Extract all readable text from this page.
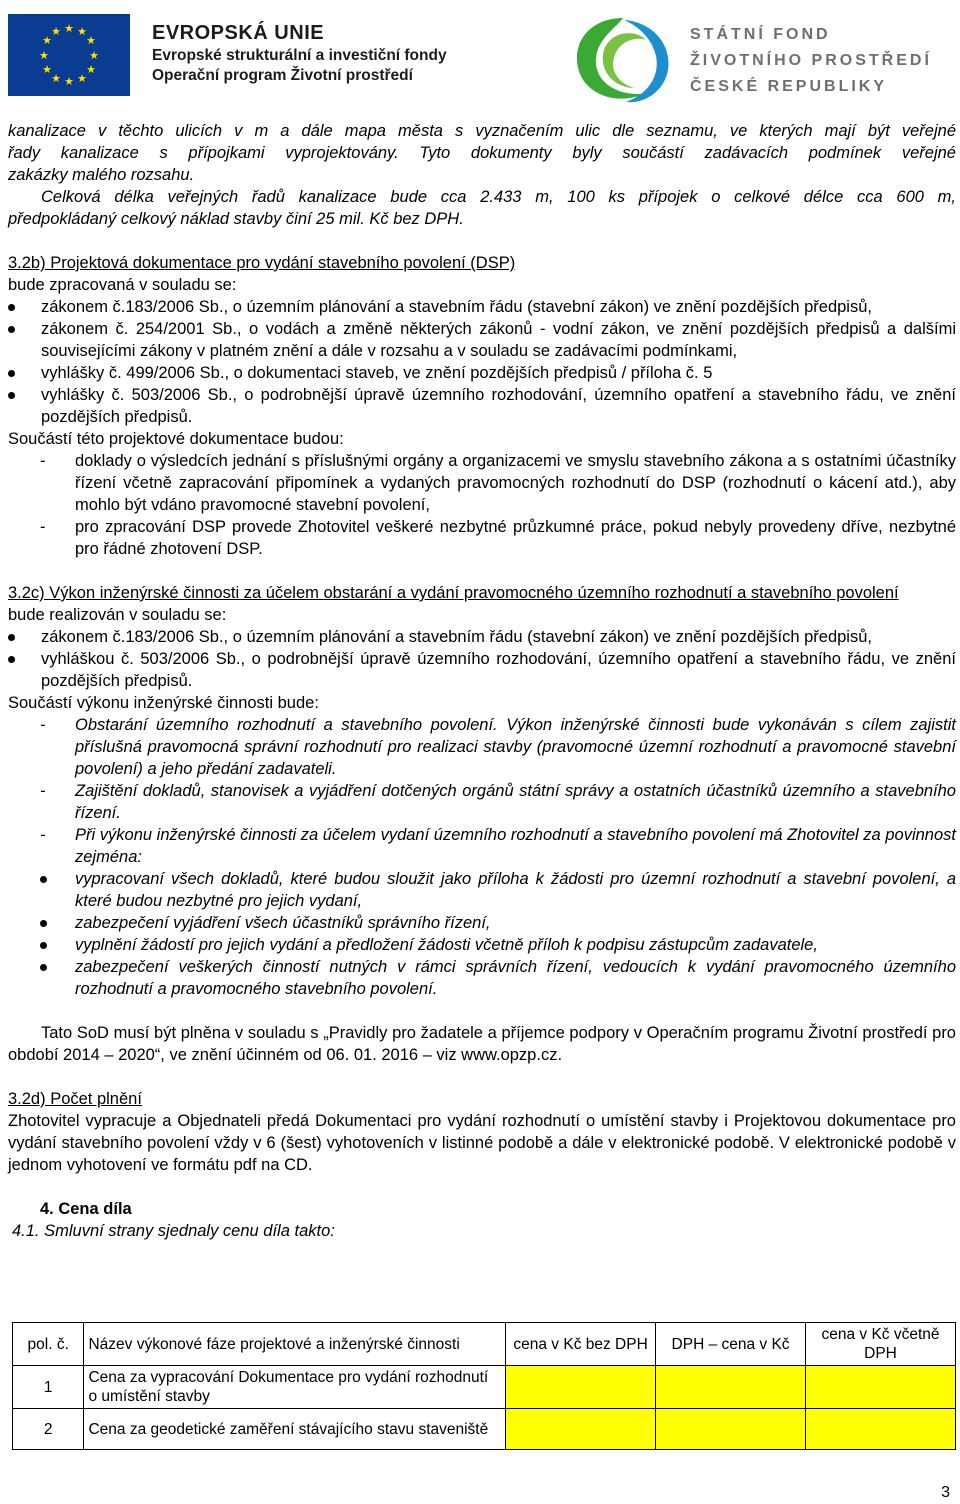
★ ★
★
★
★
★
★
★
★
★
★
★	EVROPSKÁ UNIE
Evropské strukturální a investiční fondy
Operační program Životní prostředí
STÁTNÍ FOND
ŽIVOTNÍHO PROSTŘEDÍ
ČESKÉ REPUBLIKY

kanalizace v těchto ulicích v m a dále mapa města s vyznačením ulic dle seznamu, ve kterých mají být veřejné

řady kanalizace s přípojkami vyprojektovány. Tyto dokumenty byly součástí zadávacích podmínek veřejné

zakázky malého rozsahu.

Celková délka veřejných řadů kanalizace bude cca 2.433 m, 100 ks přípojek o celkové délce cca 600 m,

předpokládaný celkový náklad stavby činí 25 mil. Kč bez DPH.

3.2b) Projektová dokumentace pro vydání stavebního povolení (DSP)

bude zpracovaná v souladu se:

zákonem č.183/2006 Sb., o územním plánování a stavebním řádu (stavební zákon) ve znění pozdějších předpisů,
zákonem č. 254/2001 Sb., o vodách a změně některých zákonů - vodní zákon, ve znění pozdějších předpisů a dalšími souvisejícími zákony v platném znění a dále v rozsahu a v souladu se zadávacími podmínkami,
vyhlášky č. 499/2006 Sb., o dokumentaci staveb, ve znění pozdějších předpisů / příloha č. 5
vyhlášky č. 503/2006 Sb., o podrobnější úpravě územního rozhodování, územního opatření a stavebního řádu, ve znění pozdějších předpisů.

Součástí této projektové dokumentace budou:

- doklady o výsledcích jednání s příslušnými orgány a organizacemi ve smyslu stavebního zákona a s ostatními účastníky řízení včetně zapracování připomínek a vydaných pravomocných rozhodnutí do DSP (rozhodnutí o kácení atd.), aby mohlo být vdáno pravomocné stavební povolení,
- pro zpracování DSP provede Zhotovitel veškeré nezbytné průzkumné práce, pokud nebyly provedeny dříve, nezbytné pro řádné zhotovení DSP.

3.2c) Výkon inženýrské činnosti za účelem obstarání a vydání pravomocného územního rozhodnutí a stavebního povolení

bude realizován v souladu se:

zákonem č.183/2006 Sb., o územním plánování a stavebním řádu (stavební zákon) ve znění pozdějších předpisů,
vyhláškou č. 503/2006 Sb., o podrobnější úpravě územního rozhodování, územního opatření a stavebního řádu, ve znění pozdějších předpisů.

Součástí výkonu inženýrské činnosti bude:

- Obstarání územního rozhodnutí a stavebního povolení. Výkon inženýrské činnosti bude vykonáván s cílem zajistit příslušná pravomocná správní rozhodnutí pro realizaci stavby (pravomocné územní rozhodnutí a pravomocné stavební povolení) a jeho předání zadavateli.
- Zajištění dokladů, stanovisek a vyjádření dotčených orgánů státní správy a ostatních účastníků územního a stavebního řízení.
- Při výkonu inženýrské činnosti za účelem vydaní územního rozhodnutí a stavebního povolení má Zhotovitel za povinnost zejména:
vypracovaní všech dokladů, které budou sloužit jako příloha k žádosti pro územní rozhodnutí a stavební povolení, a které budou nezbytné pro jejich vydaní,
zabezpečení vyjádření všech účastníků správního řízení,
vyplnění žádostí pro jejich vydání a předložení žádosti včetně příloh k podpisu zástupcům zadavatele,
zabezpečení veškerých činností nutných v rámci správních řízení, vedoucích k vydání pravomocného územního rozhodnutí a pravomocného stavebního povolení.

Tato SoD musí být plněna v souladu s „Pravidly pro žadatele a příjemce podpory v Operačním programu Životní prostředí pro období 2014 – 2020“, ve znění účinném od 06. 01. 2016 – viz www.opzp.cz.

3.2d) Počet plnění

Zhotovitel vypracuje a Objednateli předá Dokumentaci pro vydání rozhodnutí o umístění stavby i Projektovou dokumentace pro vydání stavebního povolení vždy v 6 (šest) vyhotoveních v listinné podobě a dále v elektronické podobě. V elektronické podobě v jednom vyhotovení ve formátu pdf na CD.

4. Cena díla

4.1. Smluvní strany sjednaly cenu díla takto:

pol. č.	Název výkonové fáze projektové a inženýrské činnosti	cena v Kč bez DPH	DPH – cena v Kč	cena v Kč včetně DPH
1	Cena za vypracování Dokumentace pro vydání rozhodnutí o umístění stavby			
2	Cena za geodetické zaměření stávajícího stavu staveniště			
3
